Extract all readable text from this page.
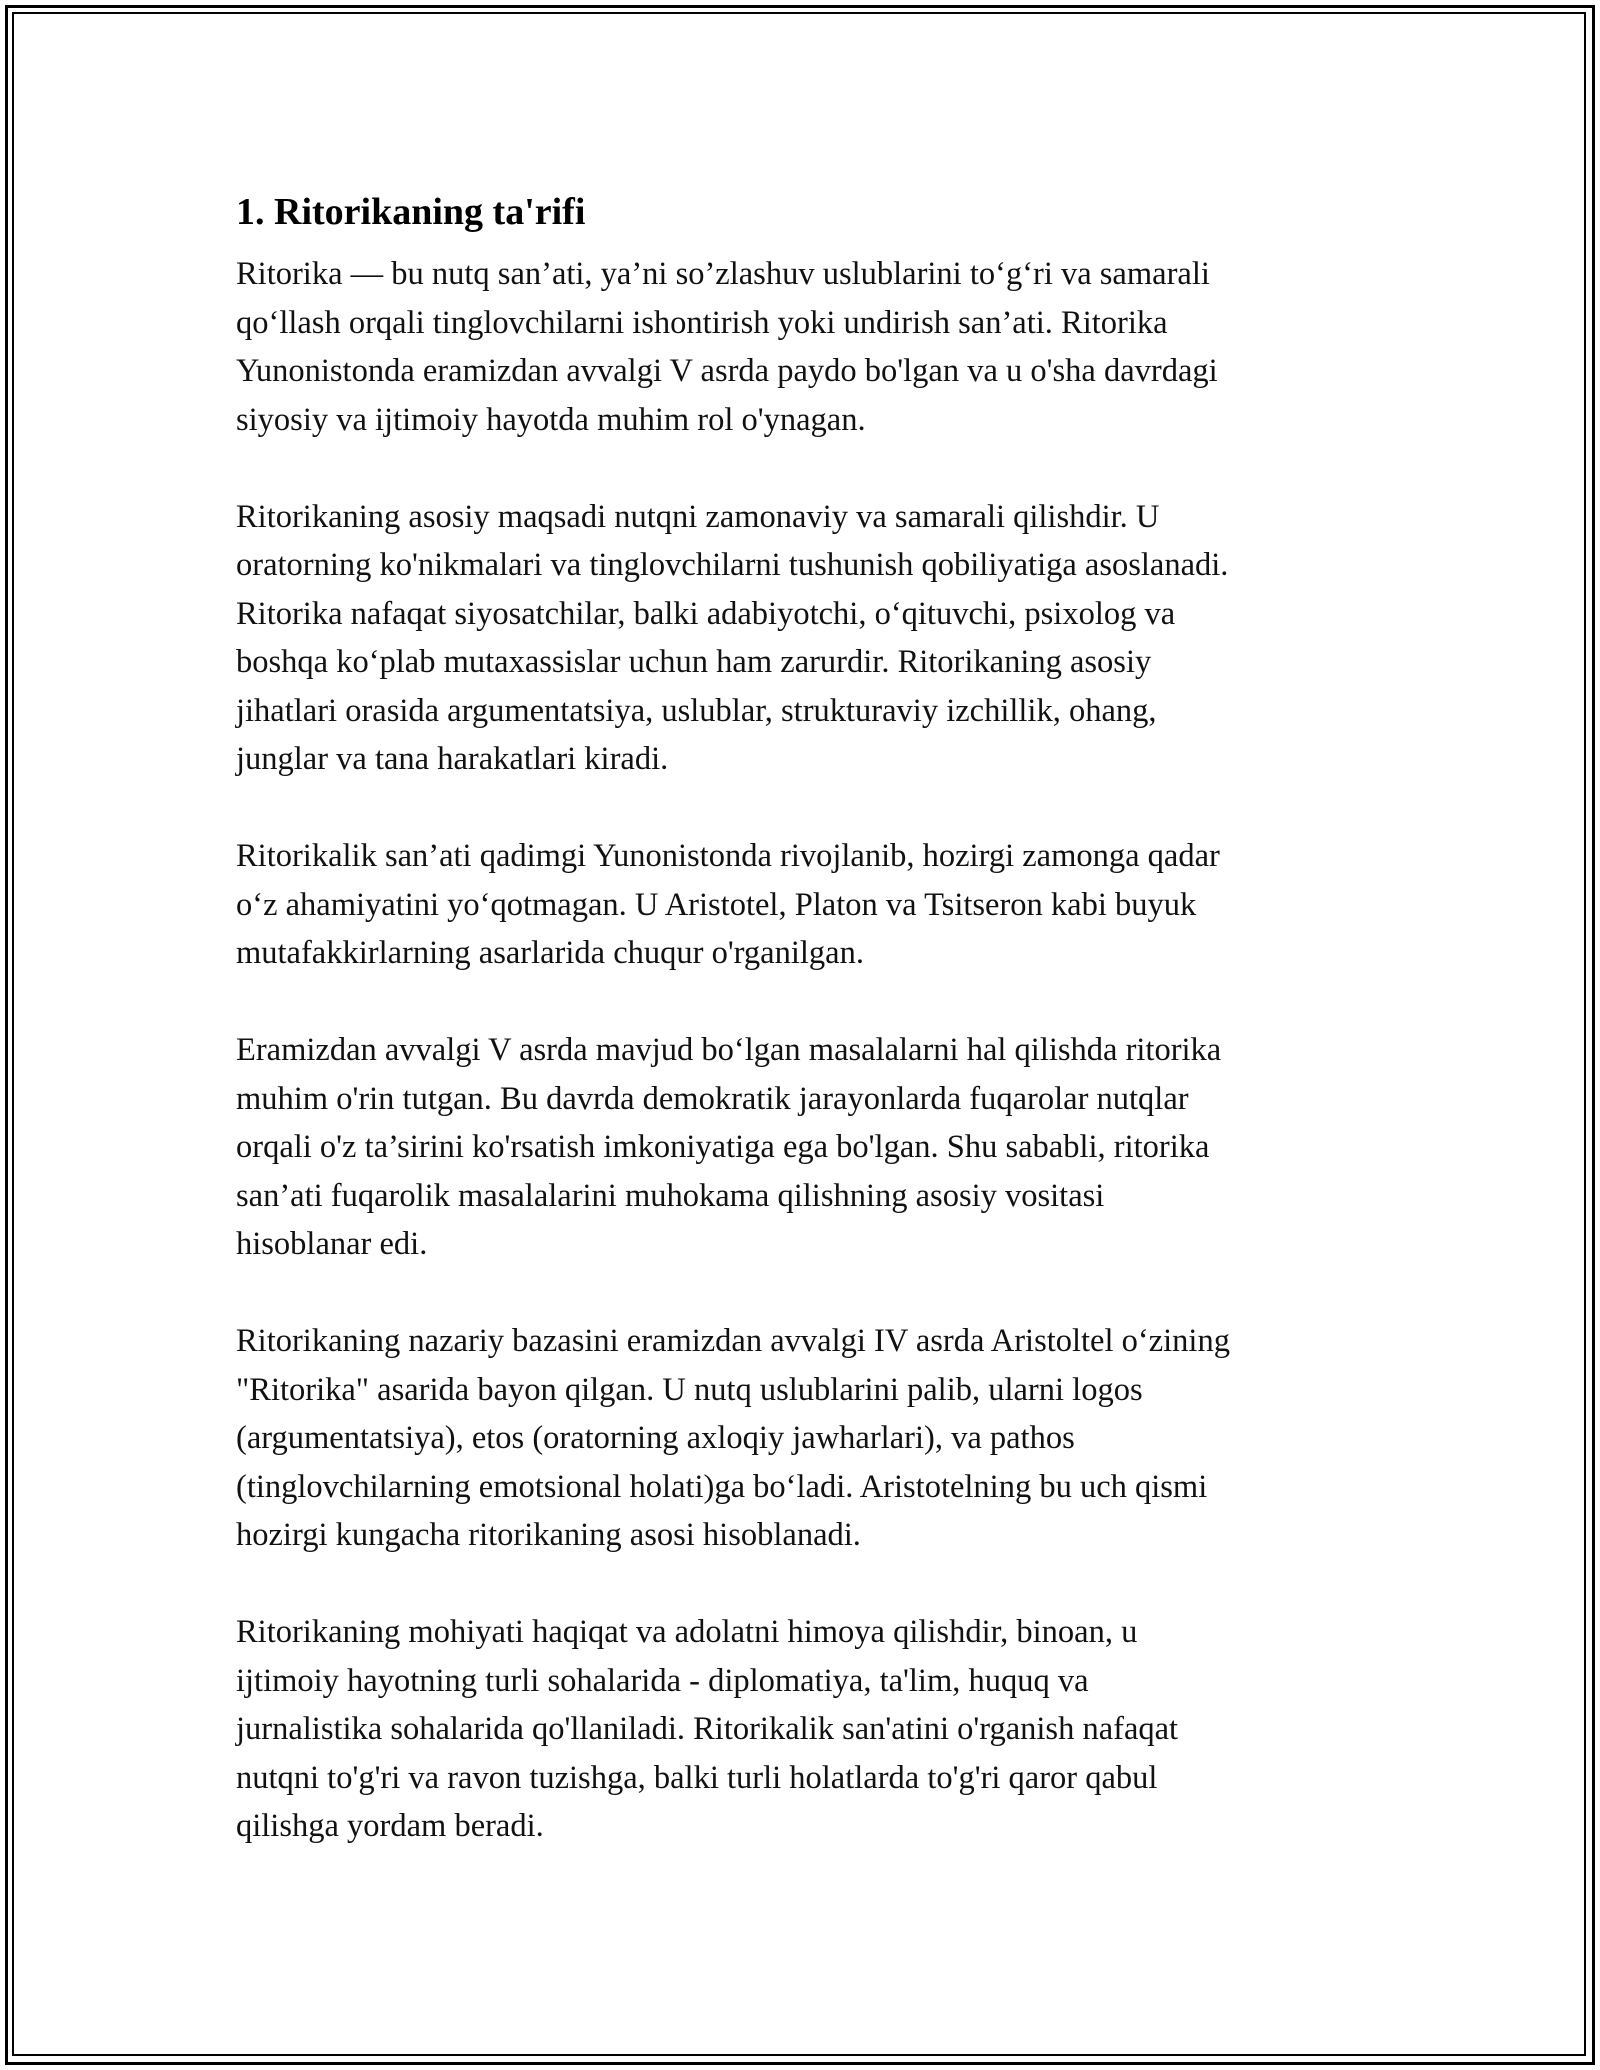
1. Ritorikaning ta'rifi

Ritorika — bu nutq san’ati, ya’ni so’zlashuv uslublarini to‘g‘ri va samarali
qo‘llash orqali tinglovchilarni ishontirish yoki undirish san’ati. Ritorika
Yunonistonda eramizdan avvalgi V asrda paydo bo'lgan va u o'sha davrdagi
siyosiy va ijtimoiy hayotda muhim rol o'ynagan.

Ritorikaning asosiy maqsadi nutqni zamonaviy va samarali qilishdir. U
oratorning ko'nikmalari va tinglovchilarni tushunish qobiliyatiga asoslanadi.
Ritorika nafaqat siyosatchilar, balki adabiyotchi, o‘qituvchi, psixolog va
boshqa ko‘plab mutaxassislar uchun ham zarurdir. Ritorikaning asosiy
jihatlari orasida argumentatsiya, uslublar, strukturaviy izchillik, ohang,
junglar va tana harakatlari kiradi.

Ritorikalik san’ati qadimgi Yunonistonda rivojlanib, hozirgi zamonga qadar
o‘z ahamiyatini yo‘qotmagan. U Aristotel, Platon va Tsitseron kabi buyuk
mutafakkirlarning asarlarida chuqur o'rganilgan.

Eramizdan avvalgi V asrda mavjud bo‘lgan masalalarni hal qilishda ritorika
muhim o'rin tutgan. Bu davrda demokratik jarayonlarda fuqarolar nutqlar
orqali o'z ta’sirini ko'rsatish imkoniyatiga ega bo'lgan. Shu sababli, ritorika
san’ati fuqarolik masalalarini muhokama qilishning asosiy vositasi
hisoblanar edi.

Ritorikaning nazariy bazasini eramizdan avvalgi IV asrda Aristoltel o‘zining
"Ritorika" asarida bayon qilgan. U nutq uslublarini palib, ularni logos
(argumentatsiya), etos (oratorning axloqiy jawharlari), va pathos
(tinglovchilarning emotsional holati)ga bo‘ladi. Aristotelning bu uch qismi
hozirgi kungacha ritorikaning asosi hisoblanadi.

Ritorikaning mohiyati haqiqat va adolatni himoya qilishdir, binoan, u
ijtimoiy hayotning turli sohalarida - diplomatiya, ta'lim, huquq va
jurnalistika sohalarida qo'llaniladi. Ritorikalik san'atini o'rganish nafaqat
nutqni to'g'ri va ravon tuzishga, balki turli holatlarda to'g'ri qaror qabul
qilishga yordam beradi.
